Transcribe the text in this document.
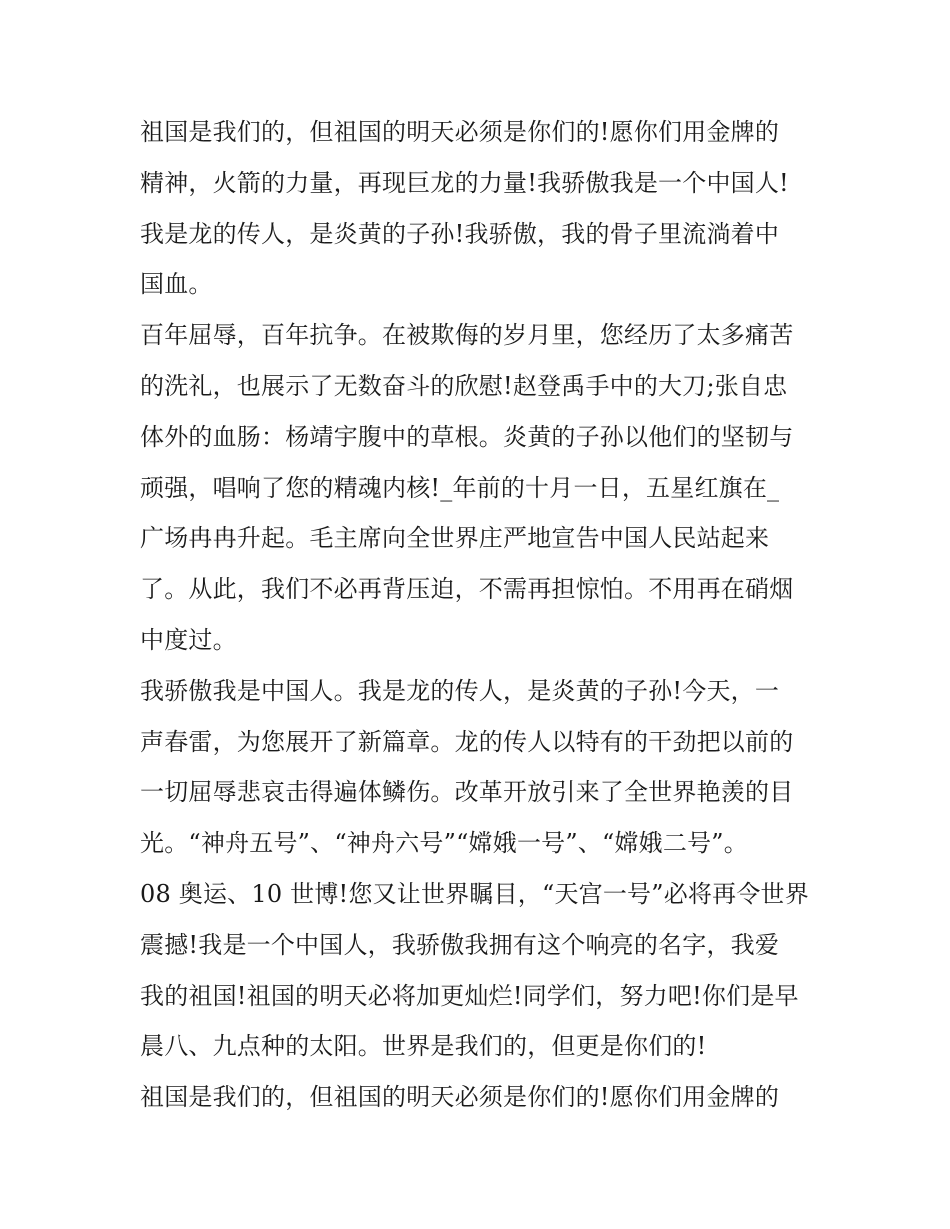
祖国是我们的，但祖国的明天必须是你们的!愿你们用金牌的
精神，火箭的力量，再现巨龙的力量!我骄傲我是一个中国人!
我是龙的传人，是炎黄的子孙!我骄傲，我的骨子里流淌着中
国血。
百年屈辱，百年抗争。在被欺侮的岁月里，您经历了太多痛苦
的洗礼，也展示了无数奋斗的欣慰!赵登禹手中的大刀;张自忠
体外的血肠：杨靖宇腹中的草根。炎黄的子孙以他们的坚韧与
顽强，唱响了您的精魂内核!_年前的十月一日，五星红旗在_
广场冉冉升起。毛主席向全世界庄严地宣告中国人民站起来
了。从此，我们不必再背压迫，不需再担惊怕。不用再在硝烟
中度过。
我骄傲我是中国人。我是龙的传人，是炎黄的子孙!今天，一
声春雷，为您展开了新篇章。龙的传人以特有的干劲把以前的
一切屈辱悲哀击得遍体鳞伤。改革开放引来了全世界艳羡的目
光。“神舟五号”、“神舟六号”“嫦娥一号”、“嫦娥二号”。
08 奥运、10 世博!您又让世界瞩目，“天宫一号”必将再令世界
震撼!我是一个中国人，我骄傲我拥有这个响亮的名字，我爱
我的祖国!祖国的明天必将加更灿烂!同学们，努力吧!你们是早
晨八、九点种的太阳。世界是我们的，但更是你们的!
祖国是我们的，但祖国的明天必须是你们的!愿你们用金牌的
